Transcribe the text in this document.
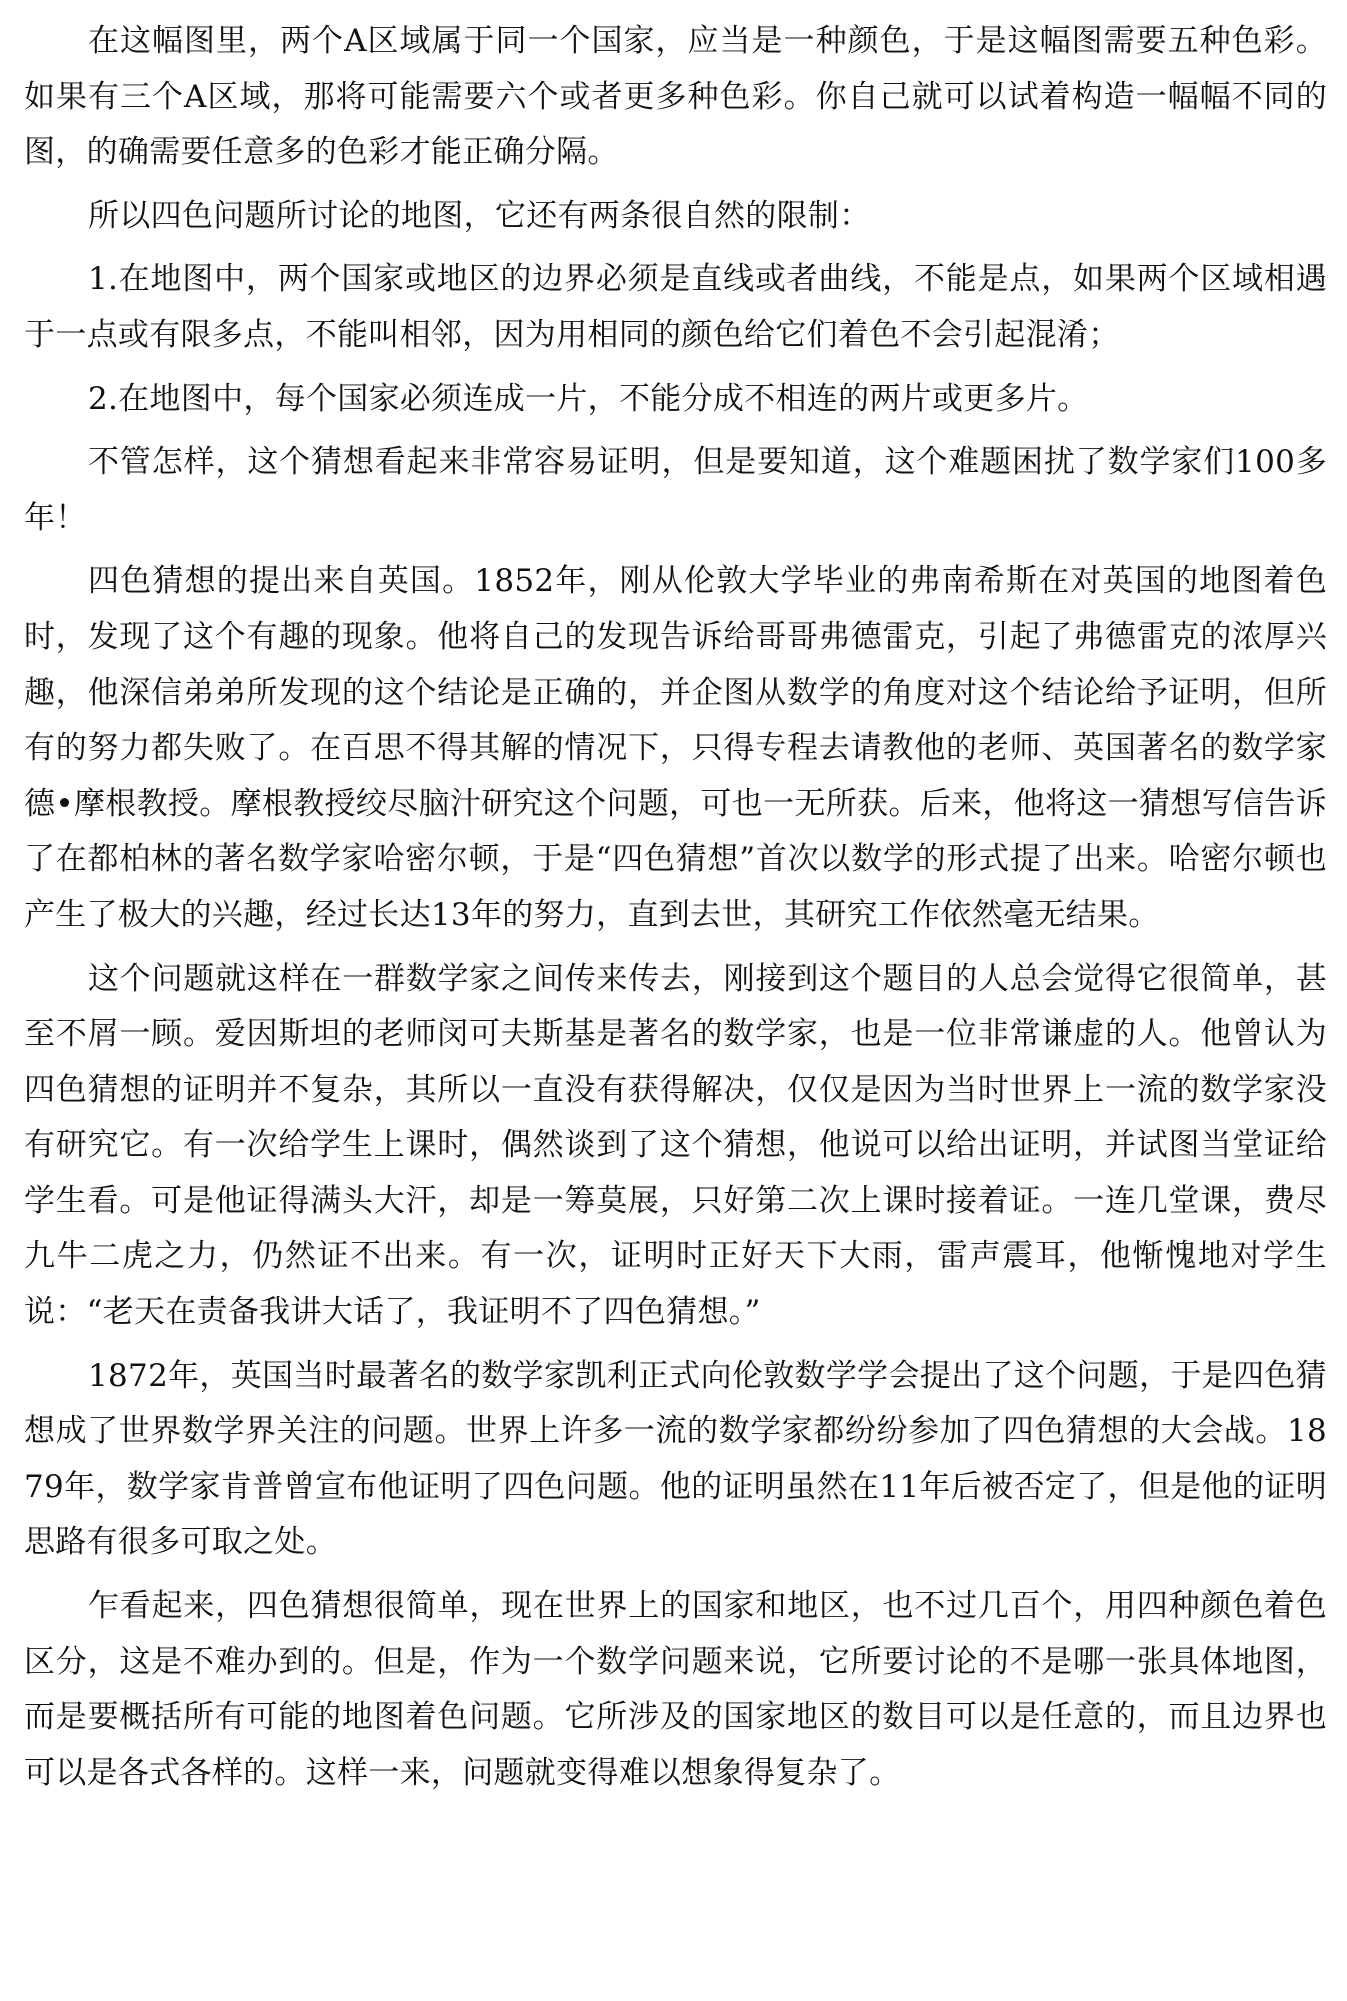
在这幅图里，两个A区域属于同一个国家，应当是一种颜色，于是这幅图需要五种色彩。如果有三个A区域，那将可能需要六个或者更多种色彩。你自己就可以试着构造一幅幅不同的图，的确需要任意多的色彩才能正确分隔。

所以四色问题所讨论的地图，它还有两条很自然的限制：

1.在地图中，两个国家或地区的边界必须是直线或者曲线，不能是点，如果两个区域相遇于一点或有限多点，不能叫相邻，因为用相同的颜色给它们着色不会引起混淆；

2.在地图中，每个国家必须连成一片，不能分成不相连的两片或更多片。

不管怎样，这个猜想看起来非常容易证明，但是要知道，这个难题困扰了数学家们100多年！

四色猜想的提出来自英国。1852年，刚从伦敦大学毕业的弗南希斯在对英国的地图着色时，发现了这个有趣的现象。他将自己的发现告诉给哥哥弗德雷克，引起了弗德雷克的浓厚兴趣，他深信弟弟所发现的这个结论是正确的，并企图从数学的角度对这个结论给予证明，但所有的努力都失败了。在百思不得其解的情况下，只得专程去请教他的老师、英国著名的数学家德•摩根教授。摩根教授绞尽脑汁研究这个问题，可也一无所获。后来，他将这一猜想写信告诉了在都柏林的著名数学家哈密尔顿，于是“四色猜想”首次以数学的形式提了出来。哈密尔顿也产生了极大的兴趣，经过长达13年的努力，直到去世，其研究工作依然毫无结果。

这个问题就这样在一群数学家之间传来传去，刚接到这个题目的人总会觉得它很简单，甚至不屑一顾。爱因斯坦的老师闵可夫斯基是著名的数学家，也是一位非常谦虚的人。他曾认为四色猜想的证明并不复杂，其所以一直没有获得解决，仅仅是因为当时世界上一流的数学家没有研究它。有一次给学生上课时，偶然谈到了这个猜想，他说可以给出证明，并试图当堂证给学生看。可是他证得满头大汗，却是一筹莫展，只好第二次上课时接着证。一连几堂课，费尽九牛二虎之力，仍然证不出来。有一次，证明时正好天下大雨，雷声震耳，他惭愧地对学生说：“老天在责备我讲大话了，我证明不了四色猜想。”

1872年，英国当时最著名的数学家凯利正式向伦敦数学学会提出了这个问题，于是四色猜想成了世界数学界关注的问题。世界上许多一流的数学家都纷纷参加了四色猜想的大会战。1879年，数学家肯普曾宣布他证明了四色问题。他的证明虽然在11年后被否定了，但是他的证明思路有很多可取之处。

乍看起来，四色猜想很简单，现在世界上的国家和地区，也不过几百个，用四种颜色着色区分，这是不难办到的。但是，作为一个数学问题来说，它所要讨论的不是哪一张具体地图，而是要概括所有可能的地图着色问题。它所涉及的国家地区的数目可以是任意的，而且边界也可以是各式各样的。这样一来，问题就变得难以想象得复杂了。
